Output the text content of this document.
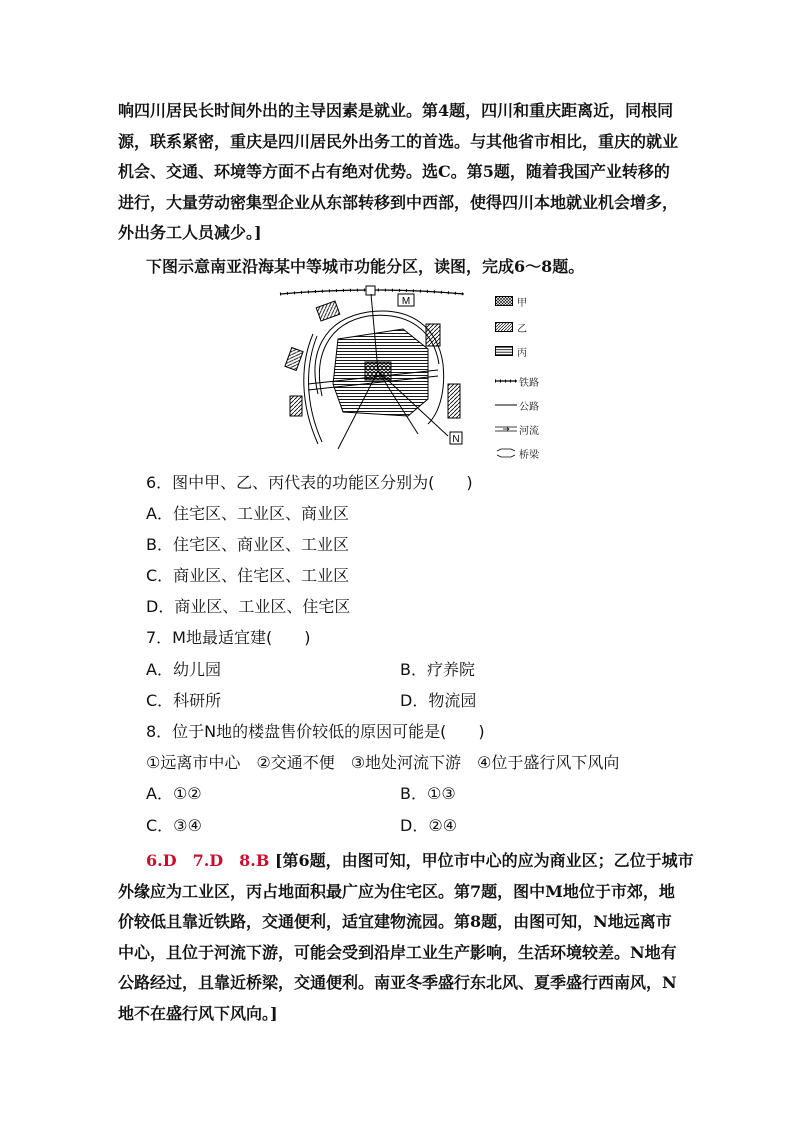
响四川居民长时间外出的主导因素是就业。第4题，四川和重庆距离近，同根同
源，联系紧密，重庆是四川居民外出务工的首选。与其他省市相比，重庆的就业
机会、交通、环境等方面不占有绝对优势。选C。第5题，随着我国产业转移的
进行，大量劳动密集型企业从东部转移到中西部，使得四川本地就业机会增多，
外出务工人员减少。]
下图示意南亚沿海某中等城市功能分区，读图，完成6～8题。
M
N
甲
乙
丙
铁路
公路
河流
桥梁
6．图中甲、乙、丙代表的功能区分别为(　　)
A．住宅区、工业区、商业区
B．住宅区、商业区、工业区
C．商业区、住宅区、工业区
D．商业区、工业区、住宅区
7．M地最适宜建(　　)
A．幼儿园	B．疗养院
C．科研所	D．物流园
8．位于N地的楼盘售价较低的原因可能是(　　)
①远离市中心　②交通不便　③地处河流下游　④位于盛行风下风向
A．①②	B．①③
C．③④	D．②④
6.D　7.D　8.B [第6题，由图可知，甲位市中心的应为商业区；乙位于城市
外缘应为工业区，丙占地面积最广应为住宅区。第7题，图中M地位于市郊，地
价较低且靠近铁路，交通便利，适宜建物流园。第8题，由图可知，N地远离市
中心，且位于河流下游，可能会受到沿岸工业生产影响，生活环境较差。N地有
公路经过，且靠近桥梁，交通便利。南亚冬季盛行东北风、夏季盛行西南风，N
地不在盛行风下风向。]
